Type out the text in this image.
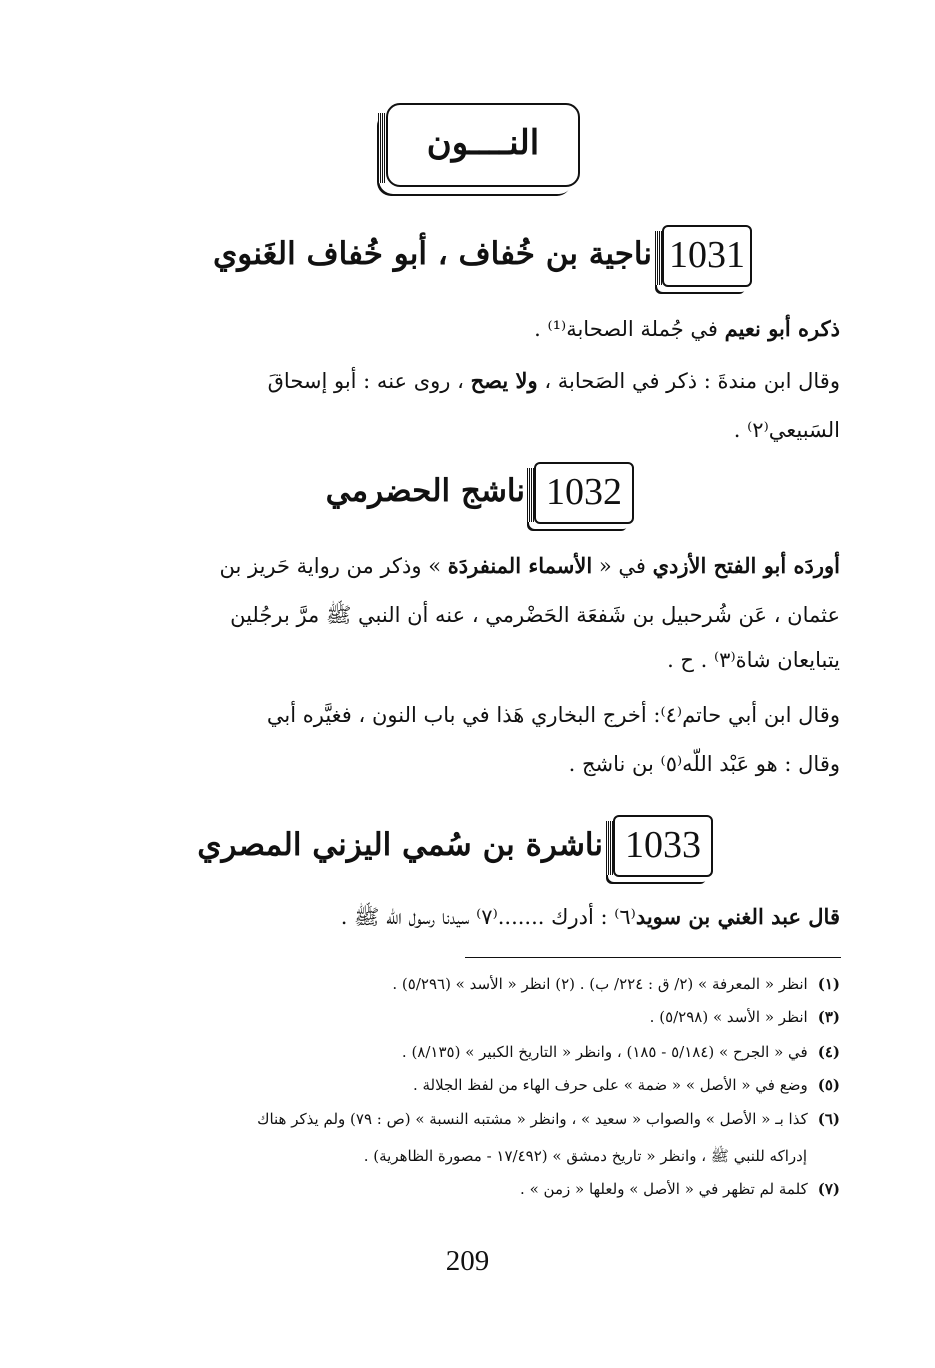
النــــون
1031
ناجية بن خُفاف ، أبو خُفاف الغَنوي
ذكره أبو نعيم في جُملة الصحابة⁽¹⁾ .
وقال ابن مندةَ : ذكر في الصَحابة ، ولا يصح ، روى عنه : أبو إسحاقَ
السَبيعي⁽٢⁾ .
1032
ناشج الحضرمي
أوردَه أبو الفتح الأزدي في « الأسماء المنفردَة » وذكر من رواية حَريز بن
عثمان ، عَن شُرحبيل بن شَفعَة الحَضْرمي ، عنه أن النبي ﷺ مرَّ برجُلين
يتبايعان شاة⁽٣⁾ . ح .
وقال ابن أبي حاتم⁽٤⁾: أخرج البخاري هَذا في باب النون ، فغيَّره أبي
وقال : هو عَبْد اللّه⁽٥⁾ بن ناشج .
1033
ناشرة بن سُمي اليزني المصري
قال عبد الغني بن سويد⁽٦⁾ : أدرك .......⁽٧⁾ سيدنا رسول اللّه ﷺ .
(١)انظر « المعرفة » (٢/ ق : ٢٢٤/ ب) . (٢) انظر « الأسد » (٥/٢٩٦) .
(٣)انظر « الأسد » (٥/٢٩٨) .
(٤)في « الجرح » (٥/١٨٤ - ١٨٥) ، وانظر « التاريخ الكبير » (٨/١٣٥) .
(٥)وضع في « الأصل » « ضمة » على حرف الهاء من لفظ الجلالة .
(٦)كذا بـ « الأصل » والصواب « سعيد » ، وانظر « مشتبه النسبة » (ص : ٧٩) ولم يذكر هناك
إدراكه للنبي ﷺ ، وانظر « تاريخ دمشق » (١٧/٤٩٢ - مصورة الظاهرية) .
(٧)كلمة لم تظهر في « الأصل » ولعلها « زمن » .
209
